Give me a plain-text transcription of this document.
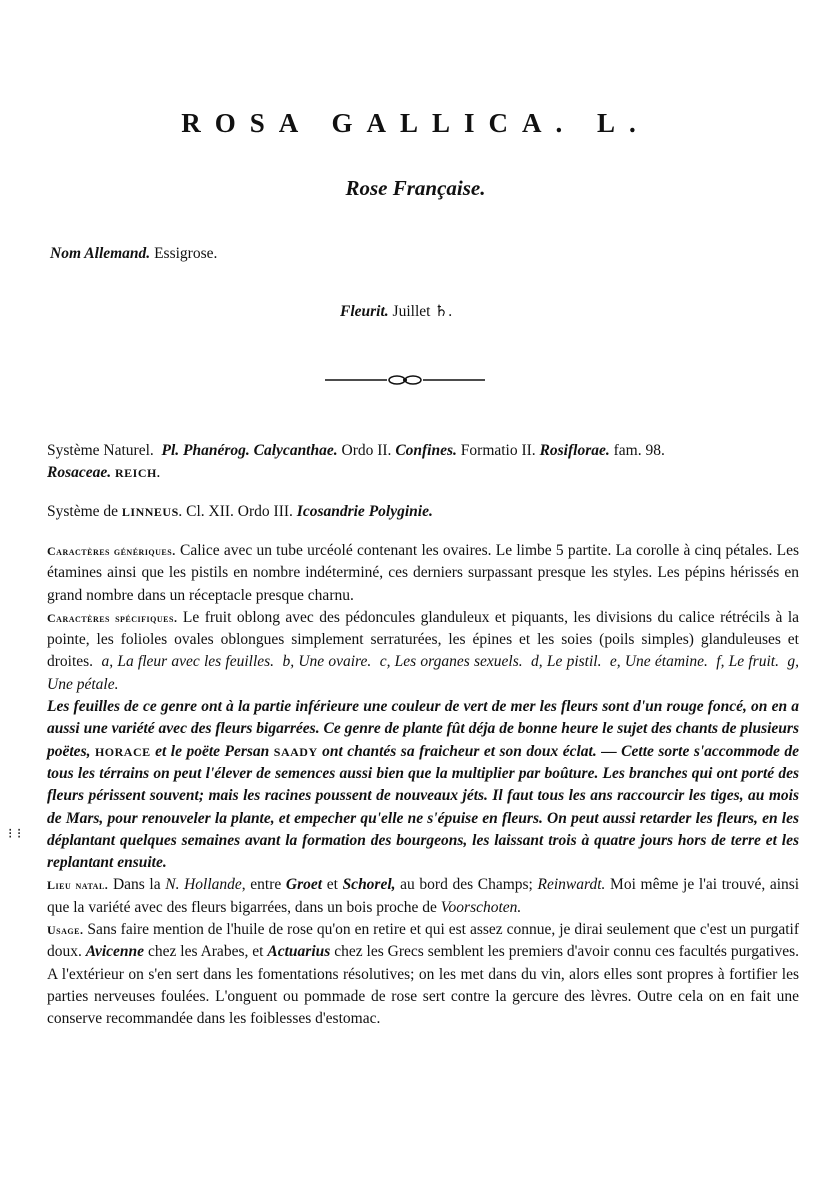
ROSA GALLICA. L.
Rose Française.
Nom Allemand. Essigrose.
Fleurit. Juillet ♄.

Système Naturel. Pl. Phanérog. Calycanthae. Ordo II. Confines. Formatio II. Rosiflorae. fam. 98.
Rosaceae. REICH.

Système de LINNEUS. Cl. XII. Ordo III. Icosandrie Polyginie.

Caractères génériques. Calice avec un tube urcéolé contenant les ovaires. Le limbe 5 partite. La corolle à cinq pétales. Les étamines ainsi que les pistils en nombre indéterminé, ces derniers surpassant presque les styles. Les pépins hérissés en grand nombre dans un réceptacle presque charnu.

Caractères spécifiques. Le fruit oblong avec des pédoncules glanduleux et piquants, les divisions du calice rétrécils à la pointe, les folioles ovales oblongues simplement serraturées, les épines et les soies (poils simples) glanduleuses et droites. a, La fleur avec les feuilles. b, Une ovaire. c, Les organes sexuels. d, Le pistil. e, Une étamine. f, Le fruit. g, Une pétale.

Les feuilles de ce genre ont à la partie inférieure une couleur de vert de mer les fleurs sont d'un rouge foncé, on en a aussi une variété avec des fleurs bigarrées. Ce genre de plante fût déja de bonne heure le sujet des chants de plusieurs poëtes, HORACE et le poëte Persan SAADY ont chantés sa fraicheur et son doux éclat. — Cette sorte s'accommode de tous les térrains on peut l'élever de semences aussi bien que la multiplier par boûture. Les branches qui ont porté des fleurs périssent souvent; mais les racines poussent de nouveaux jéts. Il faut tous les ans raccourcir les tiges, au mois de Mars, pour renouveler la plante, et empecher qu'elle ne s'épuise en fleurs. On peut aussi retarder les fleurs, en les déplantant quelques semaines avant la formation des bourgeons, les laissant trois à quatre jours hors de terre et les replantant ensuite.

Lieu natal. Dans la N. Hollande, entre Groet et Schorel, au bord des Champs; Reinwardt. Moi même je l'ai trouvé, ainsi que la variété avec des fleurs bigarrées, dans un bois proche de Voorschoten.

Usage. Sans faire mention de l'huile de rose qu'on en retire et qui est assez connue, je dirai seulement que c'est un purgatif doux. Avicenne chez les Arabes, et Actuarius chez les Grecs semblent les premiers d'avoir connu ces facultés purgatives. A l'extérieur on s'en sert dans les fomentations résolutives; on les met dans du vin, alors elles sont propres à fortifier les parties nerveuses foulées. L'onguent ou pommade de rose sert contre la gercure des lèvres. Outre cela on en fait une conserve recommandée dans les foiblesses d'estomac.

⁝ ⁝
